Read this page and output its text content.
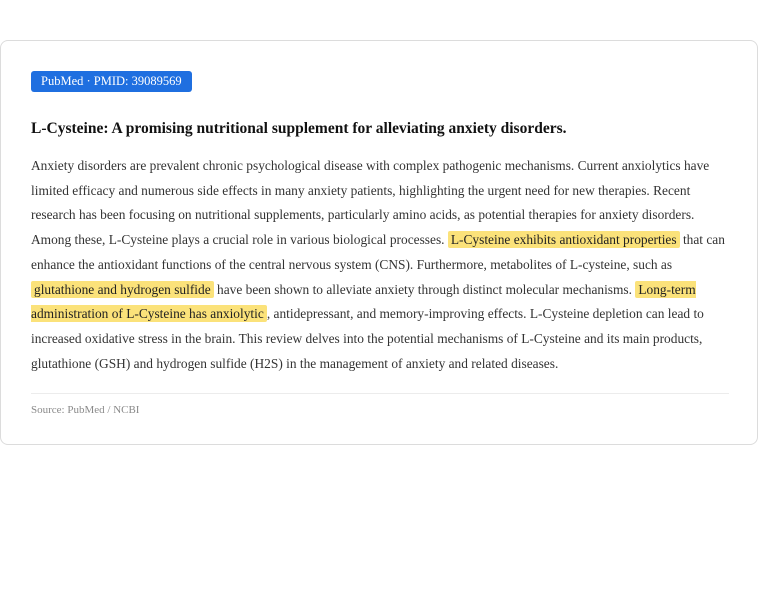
PubMed · PMID: 39089569
L-Cysteine: A promising nutritional supplement for alleviating anxiety disorders.

Anxiety disorders are prevalent chronic psychological disease with complex pathogenic mechanisms. Current anxiolytics have limited efficacy and numerous side effects in many anxiety patients, highlighting the urgent need for new therapies. Recent research has been focusing on nutritional supplements, particularly amino acids, as potential therapies for anxiety disorders. Among these, L-Cysteine plays a crucial role in various biological processes. L-Cysteine exhibits antioxidant properties that can enhance the antioxidant functions of the central nervous system (CNS). Furthermore, metabolites of L-cysteine, such as glutathione and hydrogen sulfide have been shown to alleviate anxiety through distinct molecular mechanisms. Long-term administration of L-Cysteine has anxiolytic , antidepressant, and memory-improving effects. L-Cysteine depletion can lead to increased oxidative stress in the brain. This review delves into the potential mechanisms of L-Cysteine and its main products, glutathione (GSH) and hydrogen sulfide (H2S) in the management of anxiety and related diseases.

Source: PubMed / NCBI
